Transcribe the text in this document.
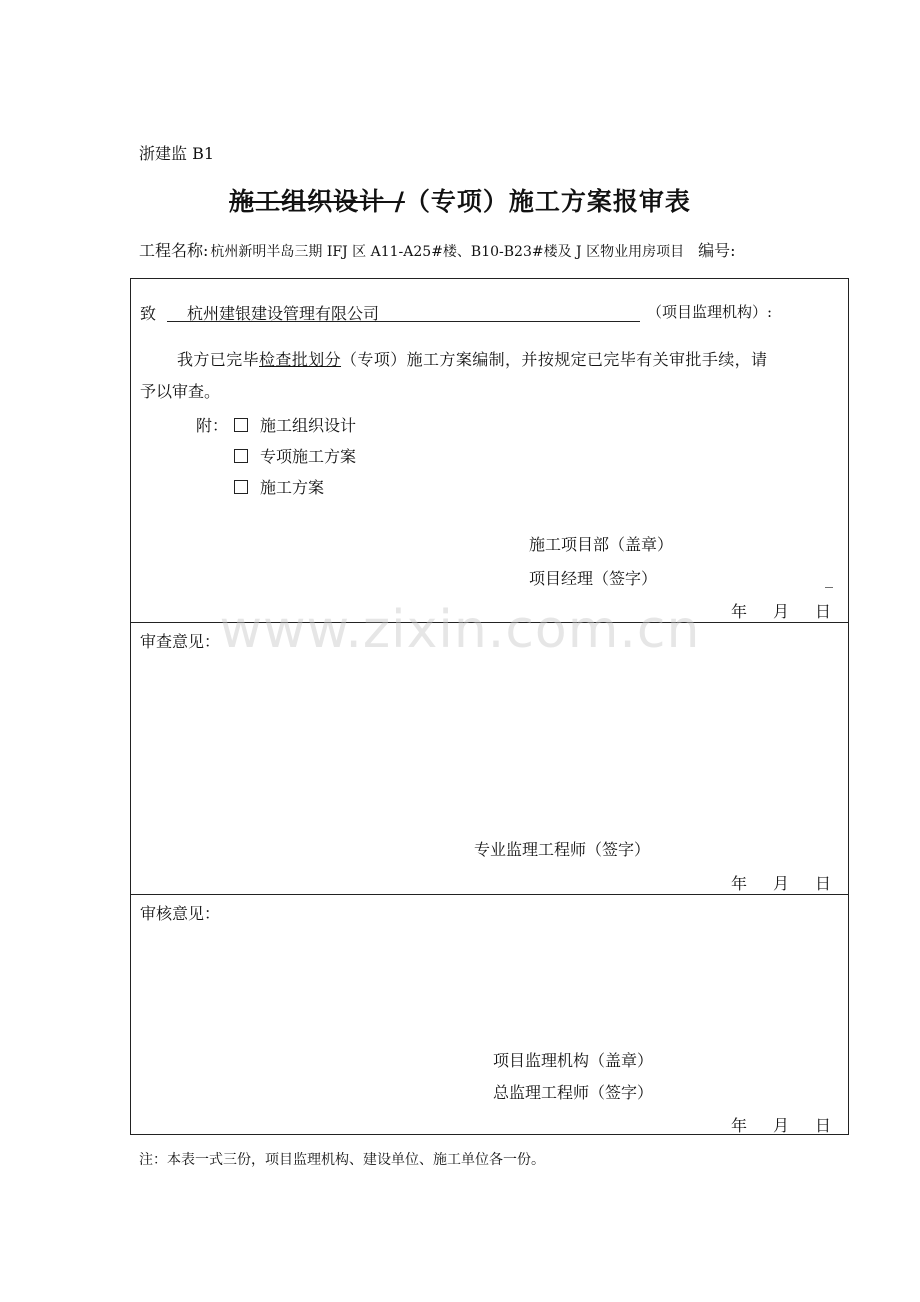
浙建监 B1
施工组织设计 /（专项）施工方案报审表
工程名称: 杭州新明半岛三期 IFJ 区 A11-A25#楼、B10-B23#楼及 J 区物业用房项目 编号:
致 杭州建银建设管理有限公司	（项目监理机构）:
我方已完毕检查批划分（专项）施工方案编制，并按规定已完毕有关审批手续，请
予以审查。
附：	施工组织设计
专项施工方案
施工方案
施工项目部（盖章）
项目经理（签字）	_
年 月 日
审查意见：
专业监理工程师（签字）
年 月 日
审核意见：
项目监理机构（盖章）
总监理工程师（签字）
年 月 日
注：本表一式三份，项目监理机构、建设单位、施工单位各一份。
www.zixin.com.cn
